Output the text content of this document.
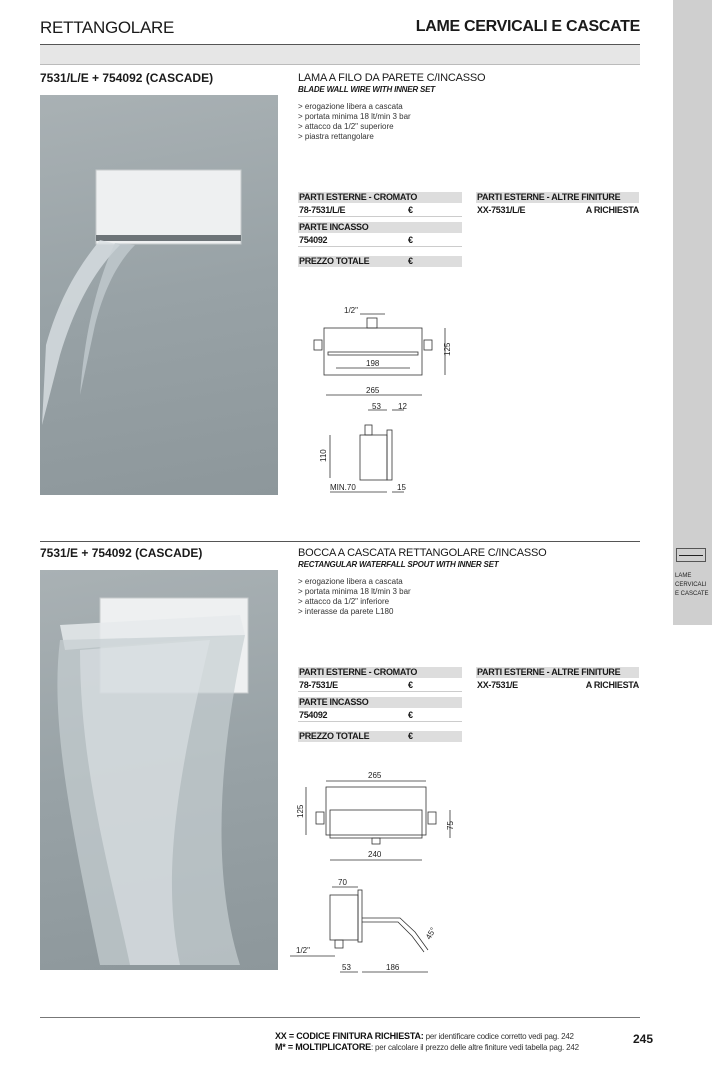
RETTANGOLARE	LAME CERVICALI E CASCATE
LAME
CERVICALI
E CASCATE
7531/L/E + 754092 (CASCADE)	LAMA A FILO DA PARETE C/INCASSO
BLADE WALL WIRE WITH INNER SET
> erogazione libera a cascata
> portata minima 18 lt/min 3 bar
> attacco da 1/2" superiore
> piastra rettangolare
PARTI ESTERNE - CROMATO
78-7531/L/E	€
PARTE INCASSO
754092	€
PREZZO TOTALE	€
PARTI ESTERNE - ALTRE FINITURE
XX-7531/L/E	A RICHIESTA
1/2"
198
125
265
53 12
110
MIN.70	15
7531/E + 754092 (CASCADE)	BOCCA A CASCATA RETTANGOLARE C/INCASSO
RECTANGULAR WATERFALL SPOUT WITH INNER SET
> erogazione libera a cascata
> portata minima 18 lt/min 3 bar
> attacco da 1/2" inferiore
> interasse da parete L180
PARTI ESTERNE - CROMATO
78-7531/E	€
PARTE INCASSO
754092	€
PREZZO TOTALE	€
PARTI ESTERNE - ALTRE FINITURE
XX-7531/E	A RICHIESTA
265
125
75
240
70
45°
1/2"
53	186
XX = CODICE FINITURA RICHIESTA: per identificare codice corretto vedi pag. 242
M* = MOLTIPLICATORE: per calcolare il prezzo delle altre finiture vedi tabella pag. 242
245
